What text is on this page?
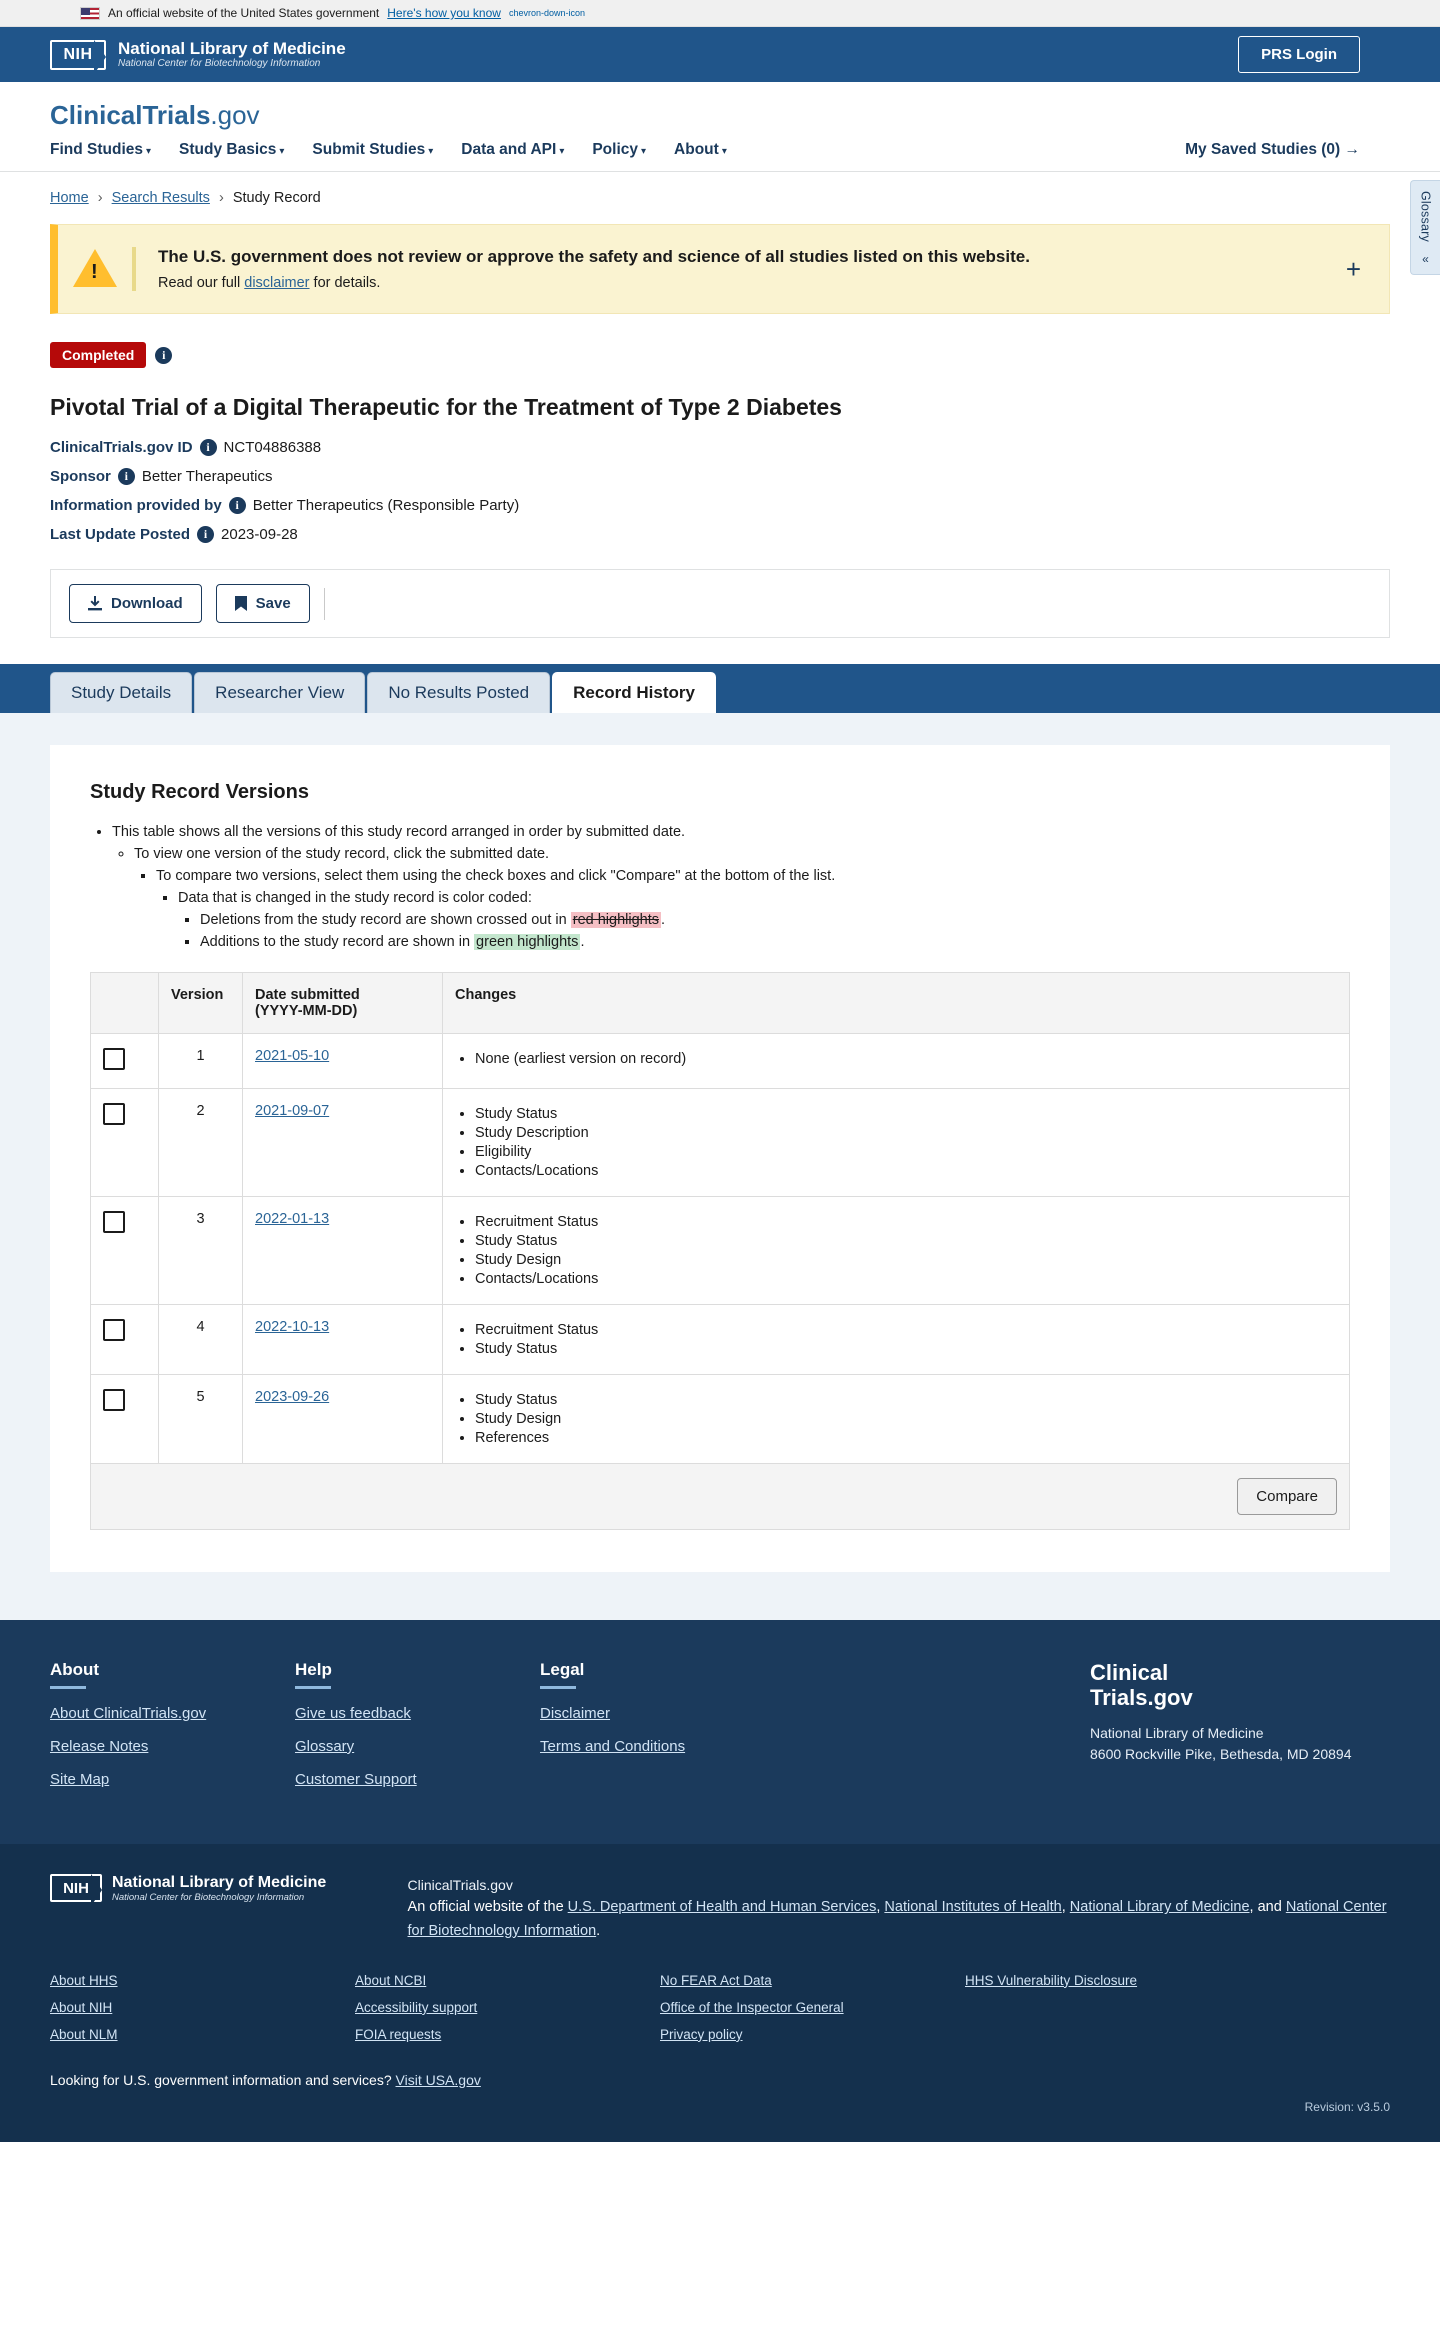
An official website of the United States government Here's how you know chevron-down-icon
NIH	National Library of Medicine
National Center for Biotechnology Information
PRS Login
ClinicalTrials.gov
Find Studies ▾ Study Basics ▾ Submit Studies ▾ Data and API ▾ Policy ▾ About ▾	My Saved Studies (0) →
Home › Search Results › Study Record	Glossary
«
!
The U.S. government does not review or approve the safety and science of all studies listed on this website.
Read our full disclaimer for details.	+
Completed	i
Pivotal Trial of a Digital Therapeutic for the Treatment of Type 2 Diabetes
ClinicalTrials.gov ID	i NCT04886388
Sponsor	i Better Therapeutics
Information provided by	i Better Therapeutics (Responsible Party)
Last Update Posted	i 2023-09-28
Download	Save
Study Details	Researcher View	No Results Posted	Record History
Study Record Versions
• This table shows all the versions of this study record arranged in order by submitted date.
◦ To view one version of the study record, click the submitted date.
▪ To compare two versions, select them using the check boxes and click "Compare" at the bottom of the list.
▪ Data that is changed in the study record is color coded:
▪ Deletions from the study record are shown crossed out in red highlights .
▪ Additions to the study record are shown in green highlights .
	Version	Date submitted
(YYYY-MM-DD)	Changes
	1	2021-05-10	
•None (earliest version on record)

	2	2021-09-07	
•Study Status
• Study Description
• Eligibility
• Contacts/Locations

	3	2022-01-13	
•Recruitment Status
• Study Status
• Study Design
• Contacts/Locations

	4	2022-10-13	
•Recruitment Status
• Study Status

	5	2023-09-26	
•Study Status
• Study Design
• References

Compare			
About
About ClinicalTrials.gov
Release Notes
Site Map
Help
Give us feedback
Glossary
Customer Support
Legal
Disclaimer
Terms and Conditions
Clinical
Trials.gov
National Library of Medicine
8600 Rockville Pike, Bethesda, MD 20894
NIH	National Library of Medicine
National Center for Biotechnology Information
ClinicalTrials.gov
An official website of the U.S. Department of Health and Human Services, National Institutes of Health, National Library of Medicine, and National Center for Biotechnology Information.
About HHS
About NIH
About NLM
About NCBI
Accessibility support
FOIA requests
No FEAR Act Data
Office of the Inspector General
Privacy policy
HHS Vulnerability Disclosure
Looking for U.S. government information and services? Visit USA.gov
Revision: v3.5.0
